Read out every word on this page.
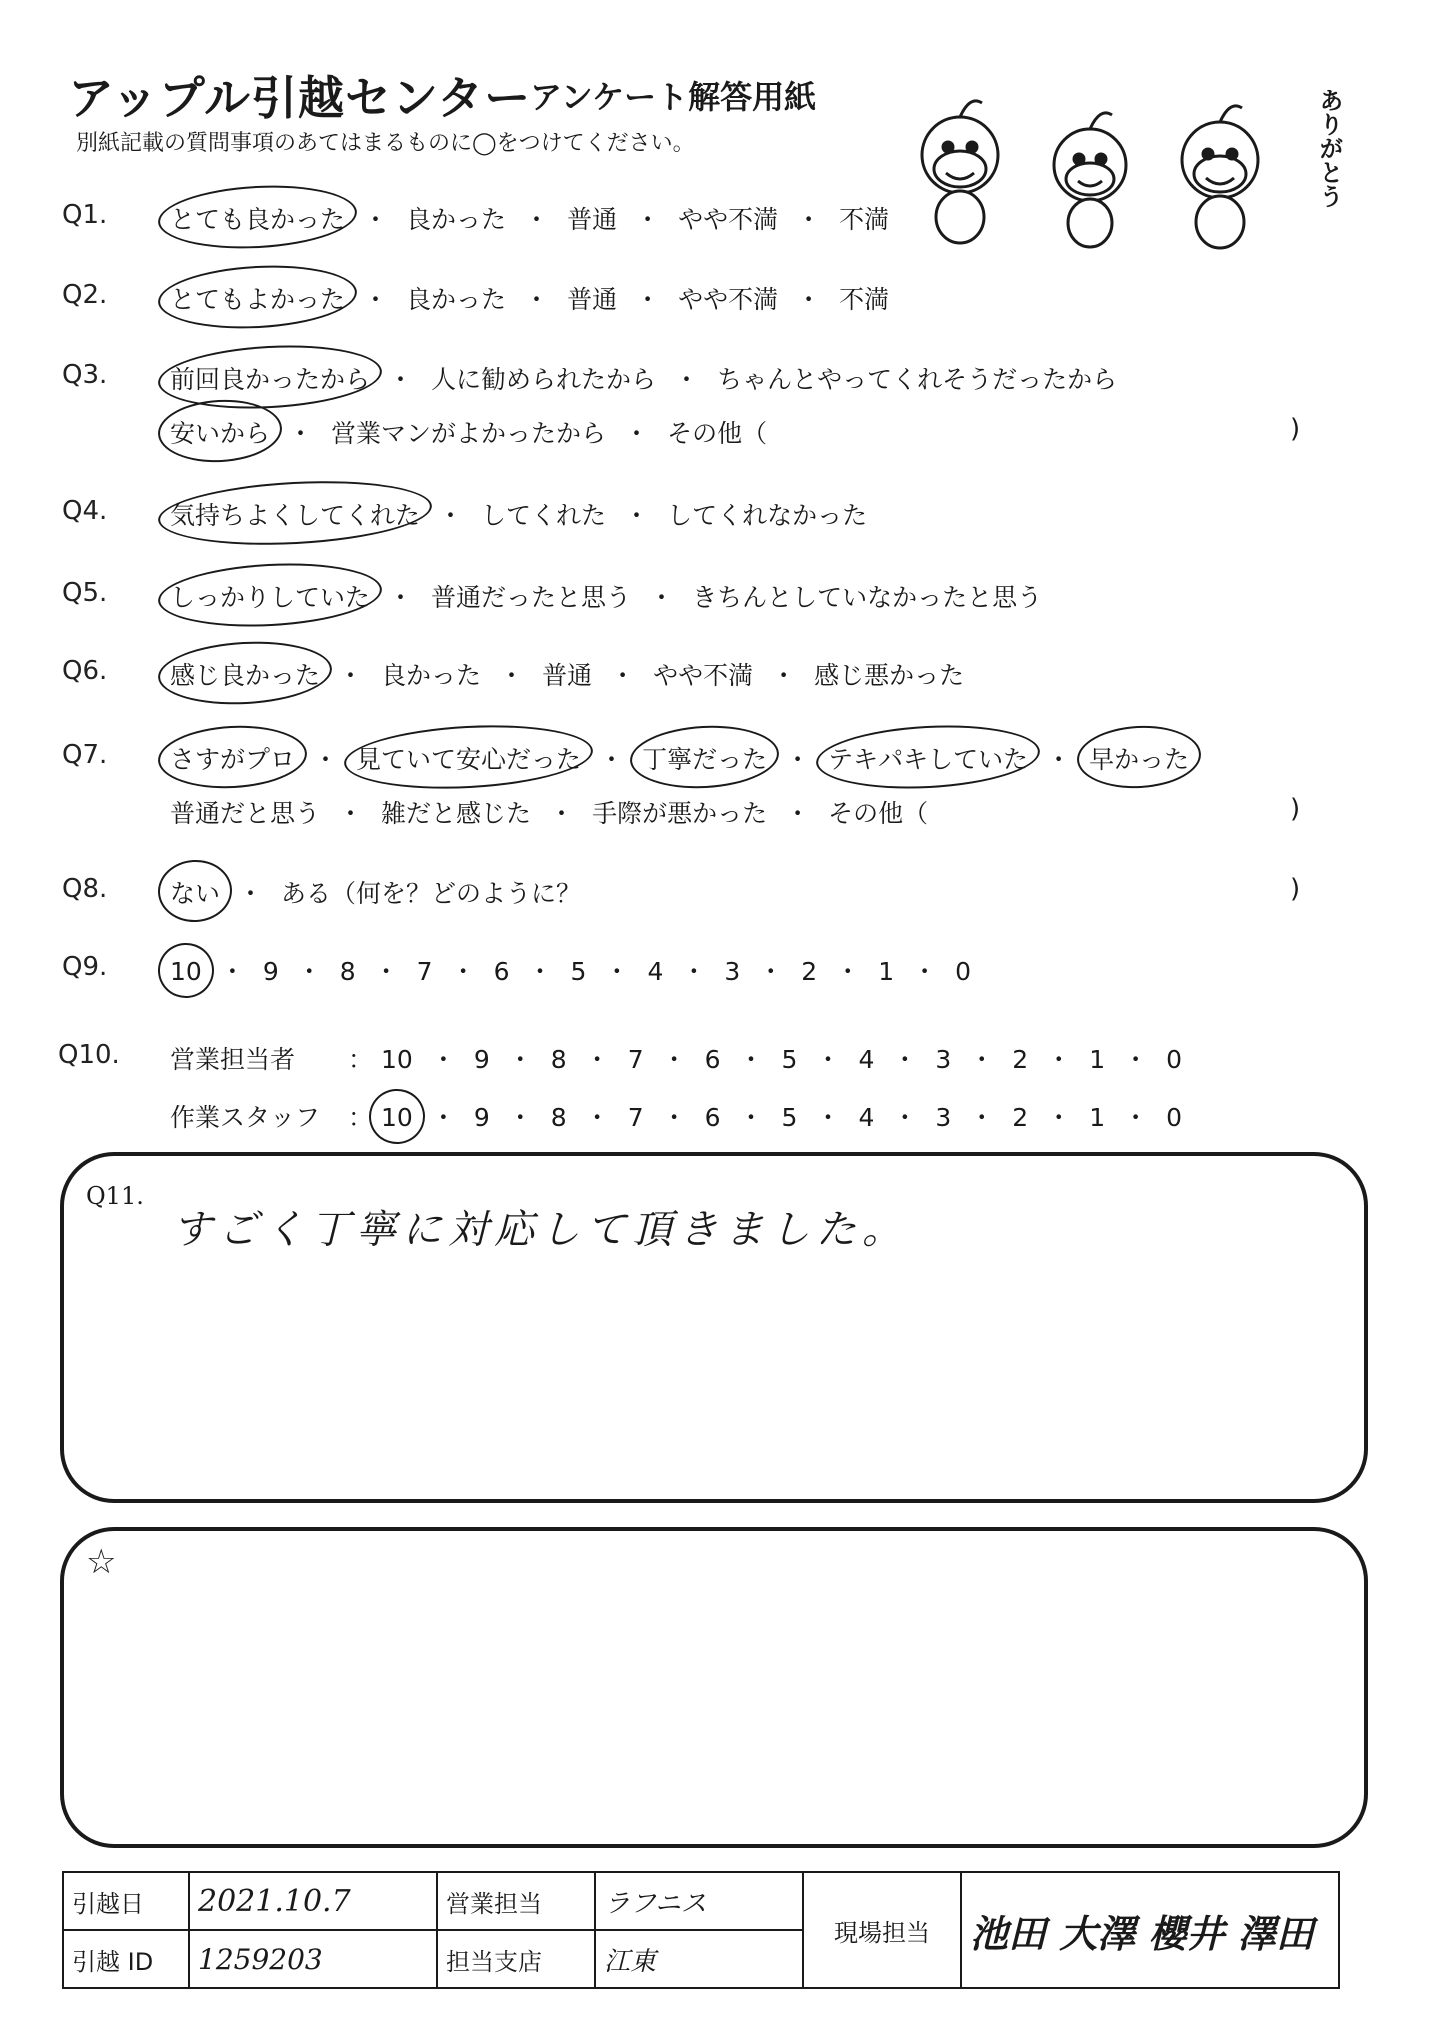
アップル引越センター
アンケート解答用紙
別紙記載の質問事項のあてはまるものに◯をつけてください。	ありがとう
Q1.	とても良かった ・ 良かった ・ 普通 ・ やや不満 ・ 不満
Q2.	とてもよかった ・ 良かった ・ 普通 ・ やや不満 ・ 不満
Q3.	前回良かったから ・ 人に勧められたから ・ ちゃんとやってくれそうだったから
安いから ・ 営業マンがよかったから ・ その他（	)
Q4.	気持ちよくしてくれた ・ してくれた ・ してくれなかった
Q5.	しっかりしていた ・ 普通だったと思う ・ きちんとしていなかったと思う
Q6.	感じ良かった ・ 良かった ・ 普通 ・ やや不満 ・ 感じ悪かった
Q7.	さすがプロ ・ 見ていて安心だった ・ 丁寧だった ・ テキパキしていた ・ 早かった
普通だと思う ・ 雑だと感じた ・ 手際が悪かった ・ その他（	)
Q8.	ない ・ ある（何を？どのように？	)
Q9.	10 ・ 9 ・ 8 ・ 7 ・ 6 ・ 5 ・ 4 ・ 3 ・ 2 ・ 1 ・ 0
Q10. 営業担当者 ： 10 ・ 9 ・ 8 ・ 7 ・ 6 ・ 5 ・ 4 ・ 3 ・ 2 ・ 1 ・ 0
作業スタッフ ： 10 ・ 9 ・ 8 ・ 7 ・ 6 ・ 5 ・ 4 ・ 3 ・ 2 ・ 1 ・ 0
Q11.
すごく丁寧に対応して頂きました。
☆
引越日	2021.10.7	営業担当	ラフニス	現場担当	池田 大澤 櫻井 澤田
引越 ID	1259203	担当支店	江東		
